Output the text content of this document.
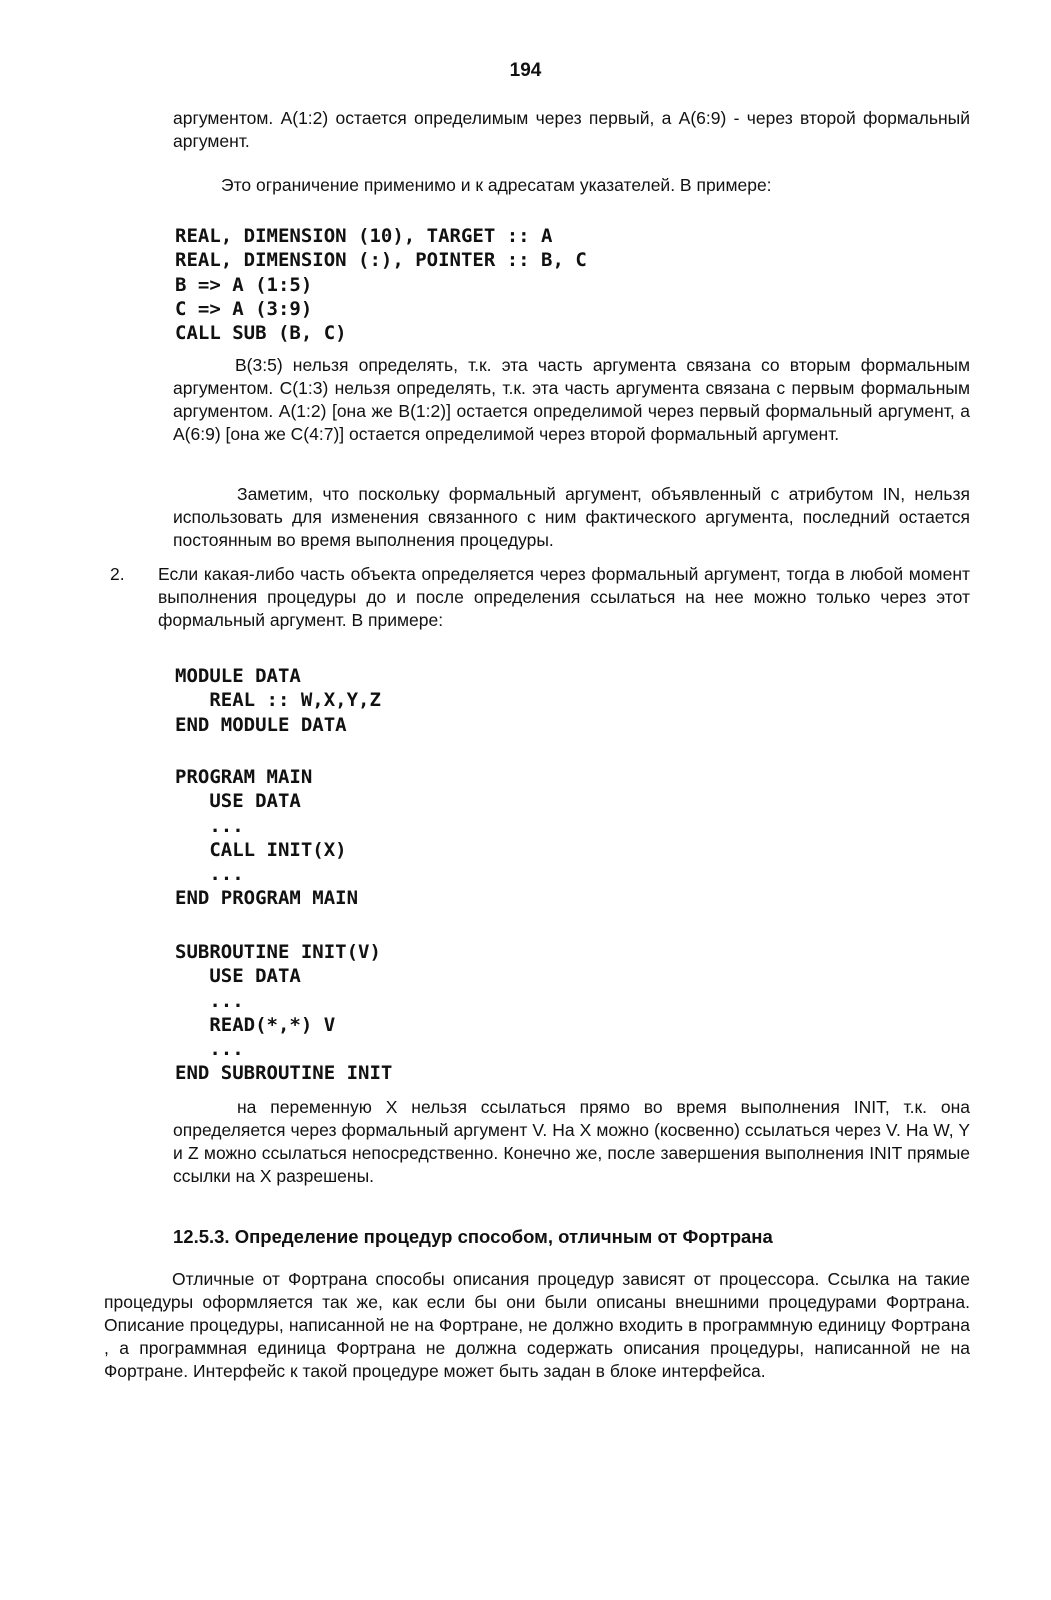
194

аргументом. A(1:2) остается определимым через первый, а A(6:9) - через второй формальный аргумент.

Это ограничение применимо и к адресатам указателей. В примере:

REAL, DIMENSION (10), TARGET :: A
REAL, DIMENSION (:), POINTER :: B, C
B => A (1:5)
C => A (3:9)
CALL SUB (B, C)

B(3:5) нельзя определять, т.к. эта часть аргумента связана со вторым формальным аргументом. C(1:3) нельзя определять, т.к. эта часть аргумента связана с первым формальным аргументом. A(1:2) [она же B(1:2)] остается определимой через первый формальный аргумент, а A(6:9) [она же C(4:7)] остается определимой через второй формальный аргумент.

Заметим, что поскольку формальный аргумент, объявленный с атрибутом IN, нельзя использовать для изменения связанного с ним фактического аргумента, последний остается постоянным во время выполнения процедуры.

2. Если какая-либо часть объекта определяется через формальный аргумент, тогда в любой момент выполнения процедуры до и после определения ссылаться на нее можно только через этот формальный аргумент. В примере:

MODULE DATA
REAL :: W,X,Y,Z
END MODULE DATA
PROGRAM MAIN
USE DATA
...
CALL INIT(X)
...
END PROGRAM MAIN
SUBROUTINE INIT(V)
USE DATA
...
READ(*,*) V
...
END SUBROUTINE INIT

на переменную X нельзя ссылаться прямо во время выполнения INIT, т.к. она определяется через формальный аргумент V. На X можно (косвенно) ссылаться через V. На W, Y и Z можно ссылаться непосредственно. Конечно же, после завершения выполнения INIT прямые ссылки на X разрешены.

12.5.3. Определение процедур способом, отличным от Фортрана

Отличные от Фортрана способы описания процедур зависят от процессора. Ссылка на такие процедуры оформляется так же, как если бы они были описаны внешними процедурами Фортрана. Описание процедуры, написанной не на Фортране, не должно входить в программную единицу Фортрана , а программная единица Фортрана не должна содержать описания процедуры, написанной не на Фортране. Интерфейс к такой процедуре может быть задан в блоке интерфейса.
